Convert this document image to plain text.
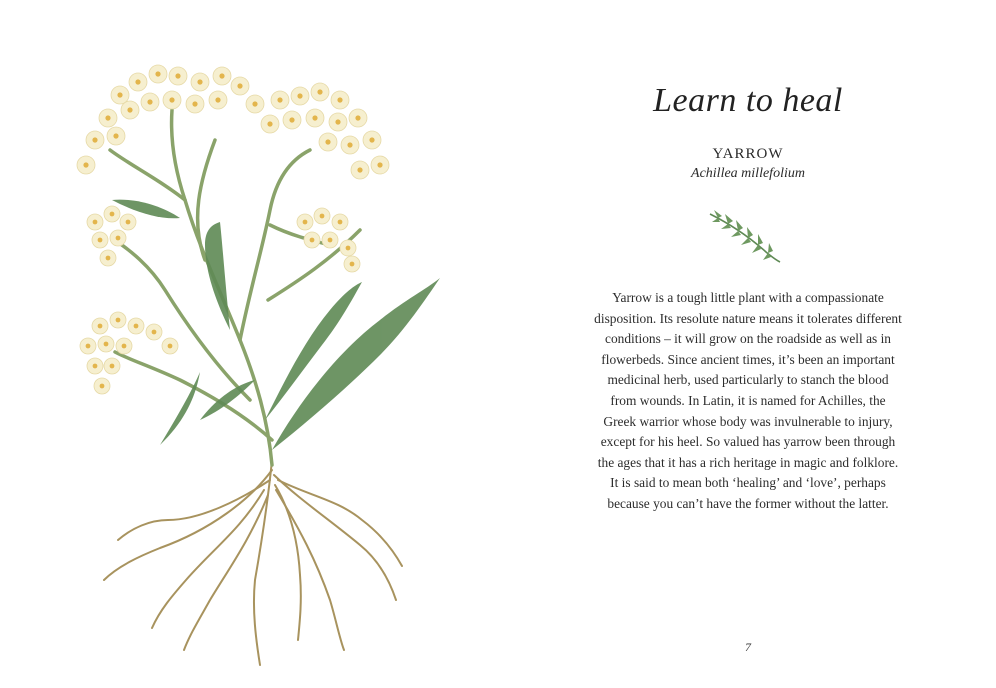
Learn to heal
YARROW
Achillea millefolium
Yarrow is a tough little plant with a compassionate
disposition. Its resolute nature means it tolerates different
conditions – it will grow on the roadside as well as in
flowerbeds. Since ancient times, it’s been an important
medicinal herb, used particularly to stanch the blood
from wounds. In Latin, it is named for Achilles, the
Greek warrior whose body was invulnerable to injury,
except for his heel. So valued has yarrow been through
the ages that it has a rich heritage in magic and folklore.
It is said to mean both ‘healing’ and ‘love’, perhaps
because you can’t have the former without the latter.
7
